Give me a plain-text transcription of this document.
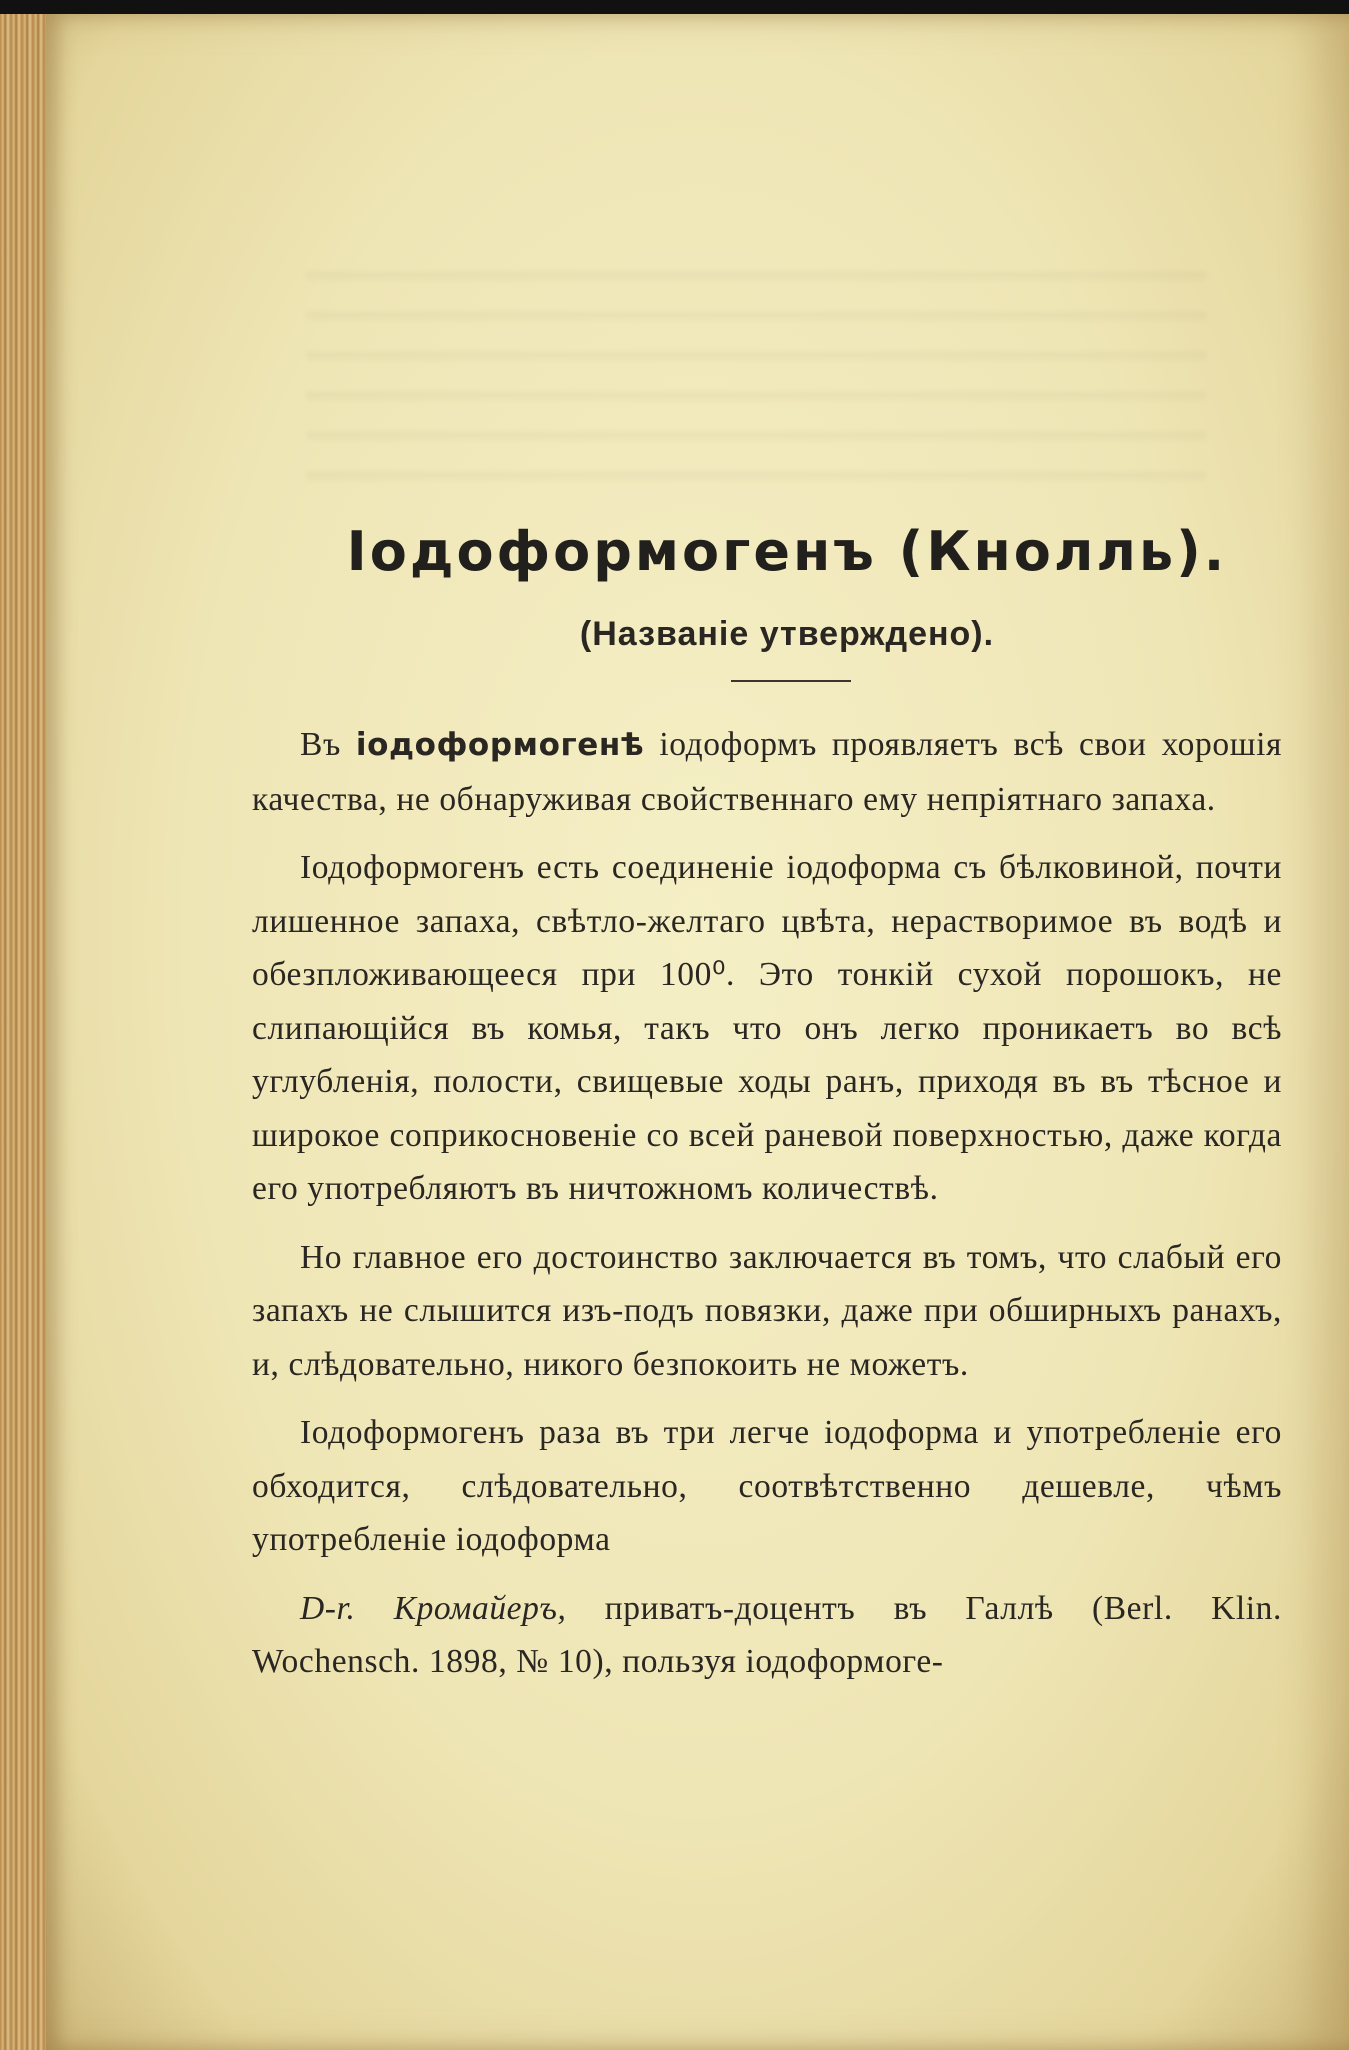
Іодоформогенъ (Кнолль).
(Названіе утверждено).

Въ іодоформогенѣ іодоформъ проявляетъ всѣ свои хорошія качества, не обнаруживая свойственнаго ему непріятнаго запаха.

Іодоформогенъ есть соединеніе іодоформа съ бѣлковиной, почти лишенное запаха, свѣтло-желтаго цвѣта, нерастворимое въ водѣ и обезпложивающееся при 100⁰. Это тонкій сухой порошокъ, не слипающійся въ комья, такъ что онъ легко проникаетъ во всѣ углубленія, полости, свищевые ходы ранъ, приходя въ въ тѣсное и широкое соприкосновеніе со всей раневой поверхностью, даже когда его употребляютъ въ ничтожномъ количествѣ.

Но главное его достоинство заключается въ томъ, что слабый его запахъ не слышится изъ-подъ повязки, даже при обширныхъ ранахъ, и, слѣдовательно, никого безпокоить не можетъ.

Іодоформогенъ раза въ три легче іодоформа и употребленіе его обходится, слѣдовательно, соотвѣтственно дешевле, чѣмъ употребленіе іодоформа

D-r. Кромайеръ, приватъ-доцентъ въ Галлѣ (Berl. Klin. Wochensch. 1898, № 10), пользуя іодоформоге-
